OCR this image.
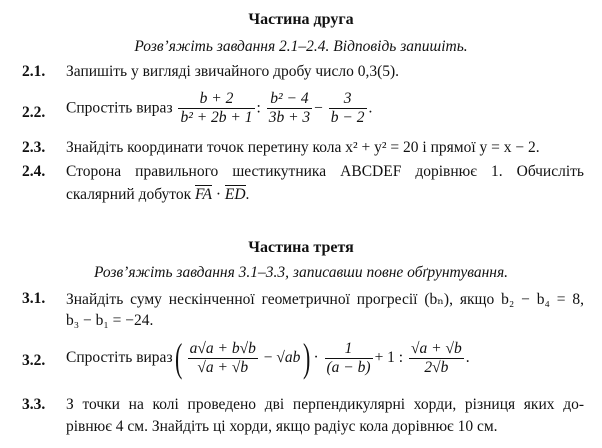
Частина друга
Розв’яжіть завдання 2.1–2.4. Відповідь запишіть.
2.1. Запишіть у вигляді звичайного дробу число 0,3(5).
2.2. Спростіть вираз $\frac{b + 2}{\text{b² + 2b + 1}}$ : $\frac{\text{b² − 4}}{3b + 3} - \frac{3}{b - 2}$ .
2.3. Знайдіть координати точок перетину кола x² + y² = 20 і прямої y = x − 2.
2.4. Сторона правильного шестикутника ABCDEF дорівнює 1. Обчисліть
скалярний добуток FA · ED.
Частина третя
Розв’яжіть завдання 3.1–3.3, записавши повне обґрунтування.
3.1. Знайдіть суму нескінченної геометричної прогресії (bₙ), якщо b₂ − b₄ = 8,
b₃ − b₁ = −24.
3.2. Спростіть вираз ( $\frac{a√a + b√b}{√a + √b} - √ab$ ) · $\frac{1}{(a - b)} + 1$ : $\frac{√a + √b}{2√b}$ .
3.3. З точки на колі проведено дві перпендикулярні хорди, різниця яких до-
рівнює 4 см. Знайдіть ці хорди, якщо радіус кола дорівнює 10 см.
